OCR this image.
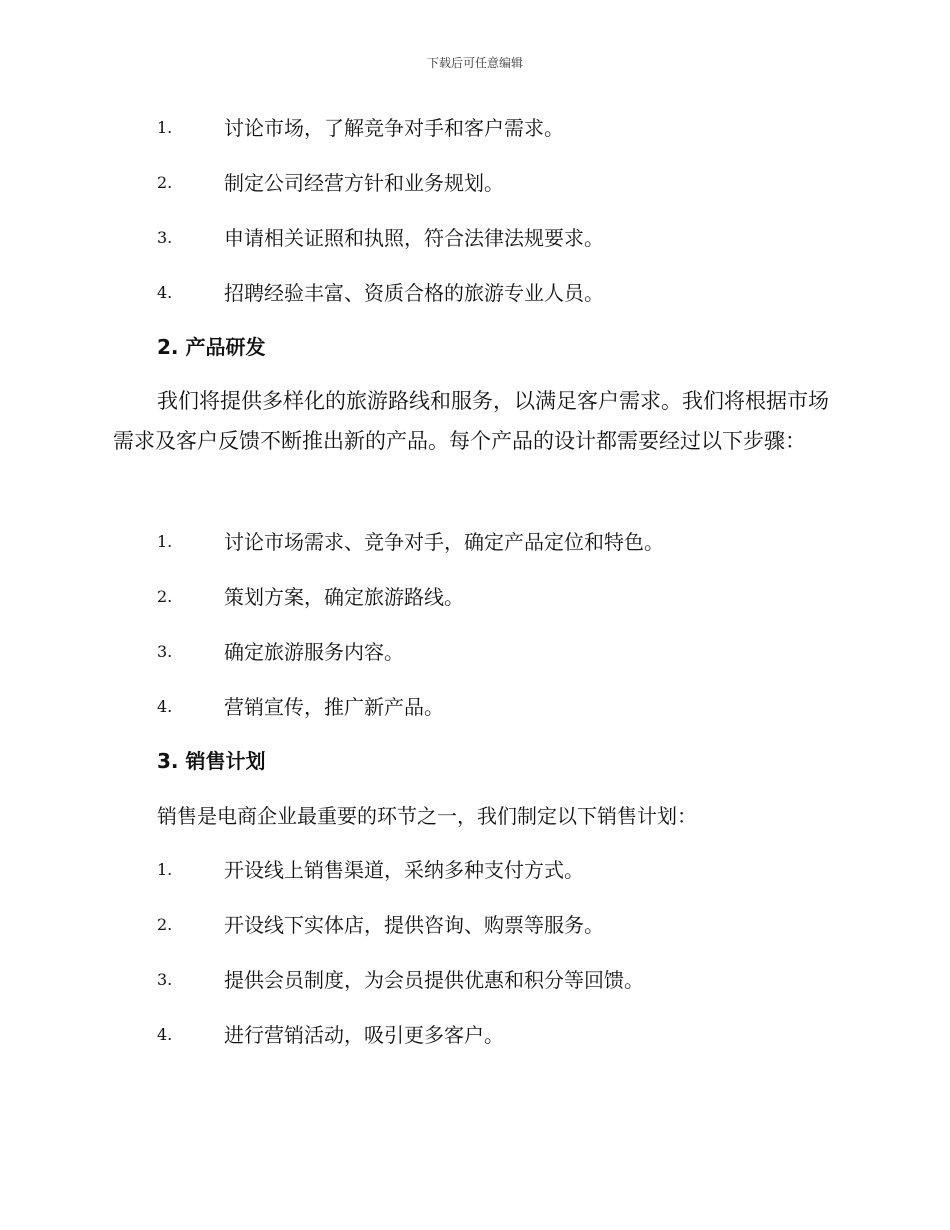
下载后可任意编辑
1.	讨论市场，了解竞争对手和客户需求。
2.	制定公司经营方针和业务规划。
3.	申请相关证照和执照，符合法律法规要求。
4.	招聘经验丰富、资质合格的旅游专业人员。
2. 产品研发
我们将提供多样化的旅游路线和服务，以满足客户需求。我们将根据市场需求及客户反馈不断推出新的产品。每个产品的设计都需要经过以下步骤：
1.	讨论市场需求、竞争对手，确定产品定位和特色。
2.	策划方案，确定旅游路线。
3.	确定旅游服务内容。
4.	营销宣传，推广新产品。
3. 销售计划
销售是电商企业最重要的环节之一，我们制定以下销售计划：
1.	开设线上销售渠道，采纳多种支付方式。
2.	开设线下实体店，提供咨询、购票等服务。
3.	提供会员制度，为会员提供优惠和积分等回馈。
4.	进行营销活动，吸引更多客户。
